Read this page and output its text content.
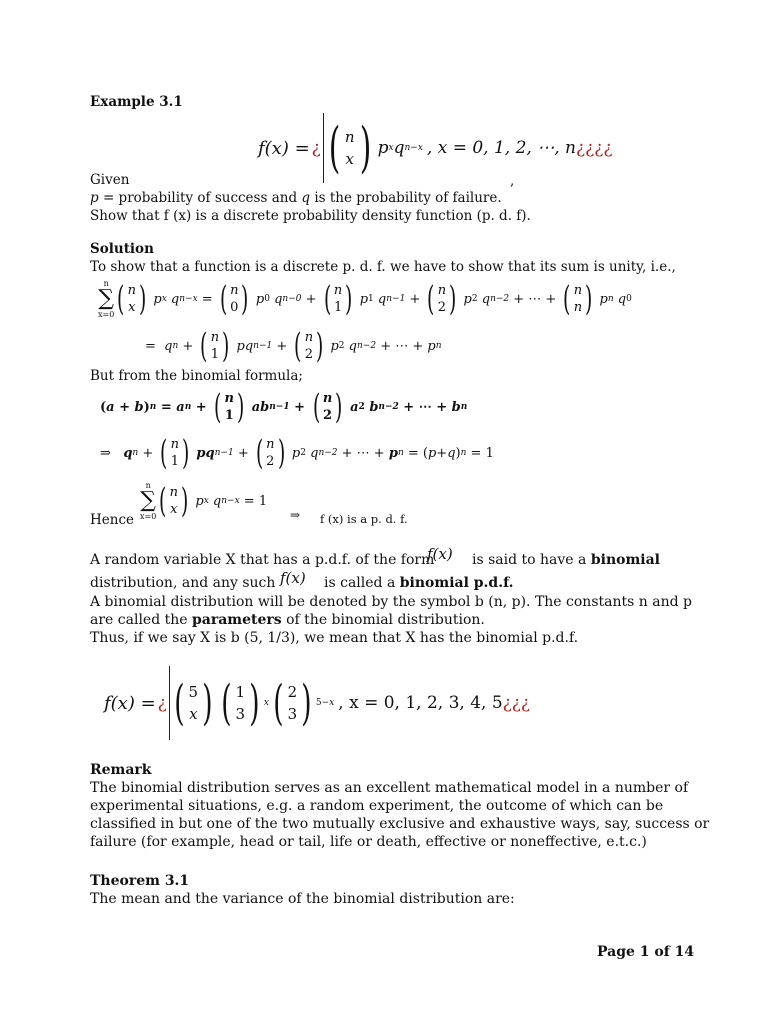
Example 3.1
f(x) = ¿ ( n
x ) p x q n−x , x = 0, 1, 2, ⋯, n ¿¿¿¿
,
Given
p = probability of success and q is the probability of failure.
Show that f (x) is a discrete probability density function (p. d. f).
Solution
To show that a function is a discrete p. d. f. we have to show that its sum is unity, i.e.,
n
∑
x=0 ( n
x )
p x
q n−x = ( n
0 )
p 0
q n−0 + ( n
1 )
p 1
q n−1 + ( n
2 )
p 2
q n−2 + ⋯ + ( n
n )
p n
q 0
=
q n + ( n
1 )
pq n−1 + ( n
2 )
p 2
q n−2 + ⋯ + p n
But from the binomial formula;
(a + b) n = a n + ( n
1 )
ab n−1 + ( n
2 )
a 2
b n−2 + ⋯ + b n
⇒
q n + ( n
1 )
pq n−1 + ( n
2 )
p 2
q n−2 + ⋯ + p n = ( p + q ) n = 1
Hence
n
∑
x=0 ( n
x )
p x
q n−x = 1
⇒ f (x) is a p. d. f.
A random variable X that has a p.d.f. of the form
f(x) is said to have a binomial
distribution, and any such f(x) is called a binomial p.d.f.
A binomial distribution will be denoted by the symbol b (n, p). The constants n and p
are called the parameters of the binomial distribution.
Thus, if we say X is b (5, 1/3), we mean that X has the binomial p.d.f.
f(x) = ¿ ( 5
x ) ( 1
3 ) x ( 2
3 ) 5−x , x = 0, 1, 2, 3, 4, 5 ¿¿¿
Remark
The binomial distribution serves as an excellent mathematical model in a number of
experimental situations, e.g. a random experiment, the outcome of which can be
classified in but one of the two mutually exclusive and exhaustive ways, say, success or
failure (for example, head or tail, life or death, effective or noneffective, e.t.c.)
Theorem 3.1
The mean and the variance of the binomial distribution are:
Page 1 of 14
